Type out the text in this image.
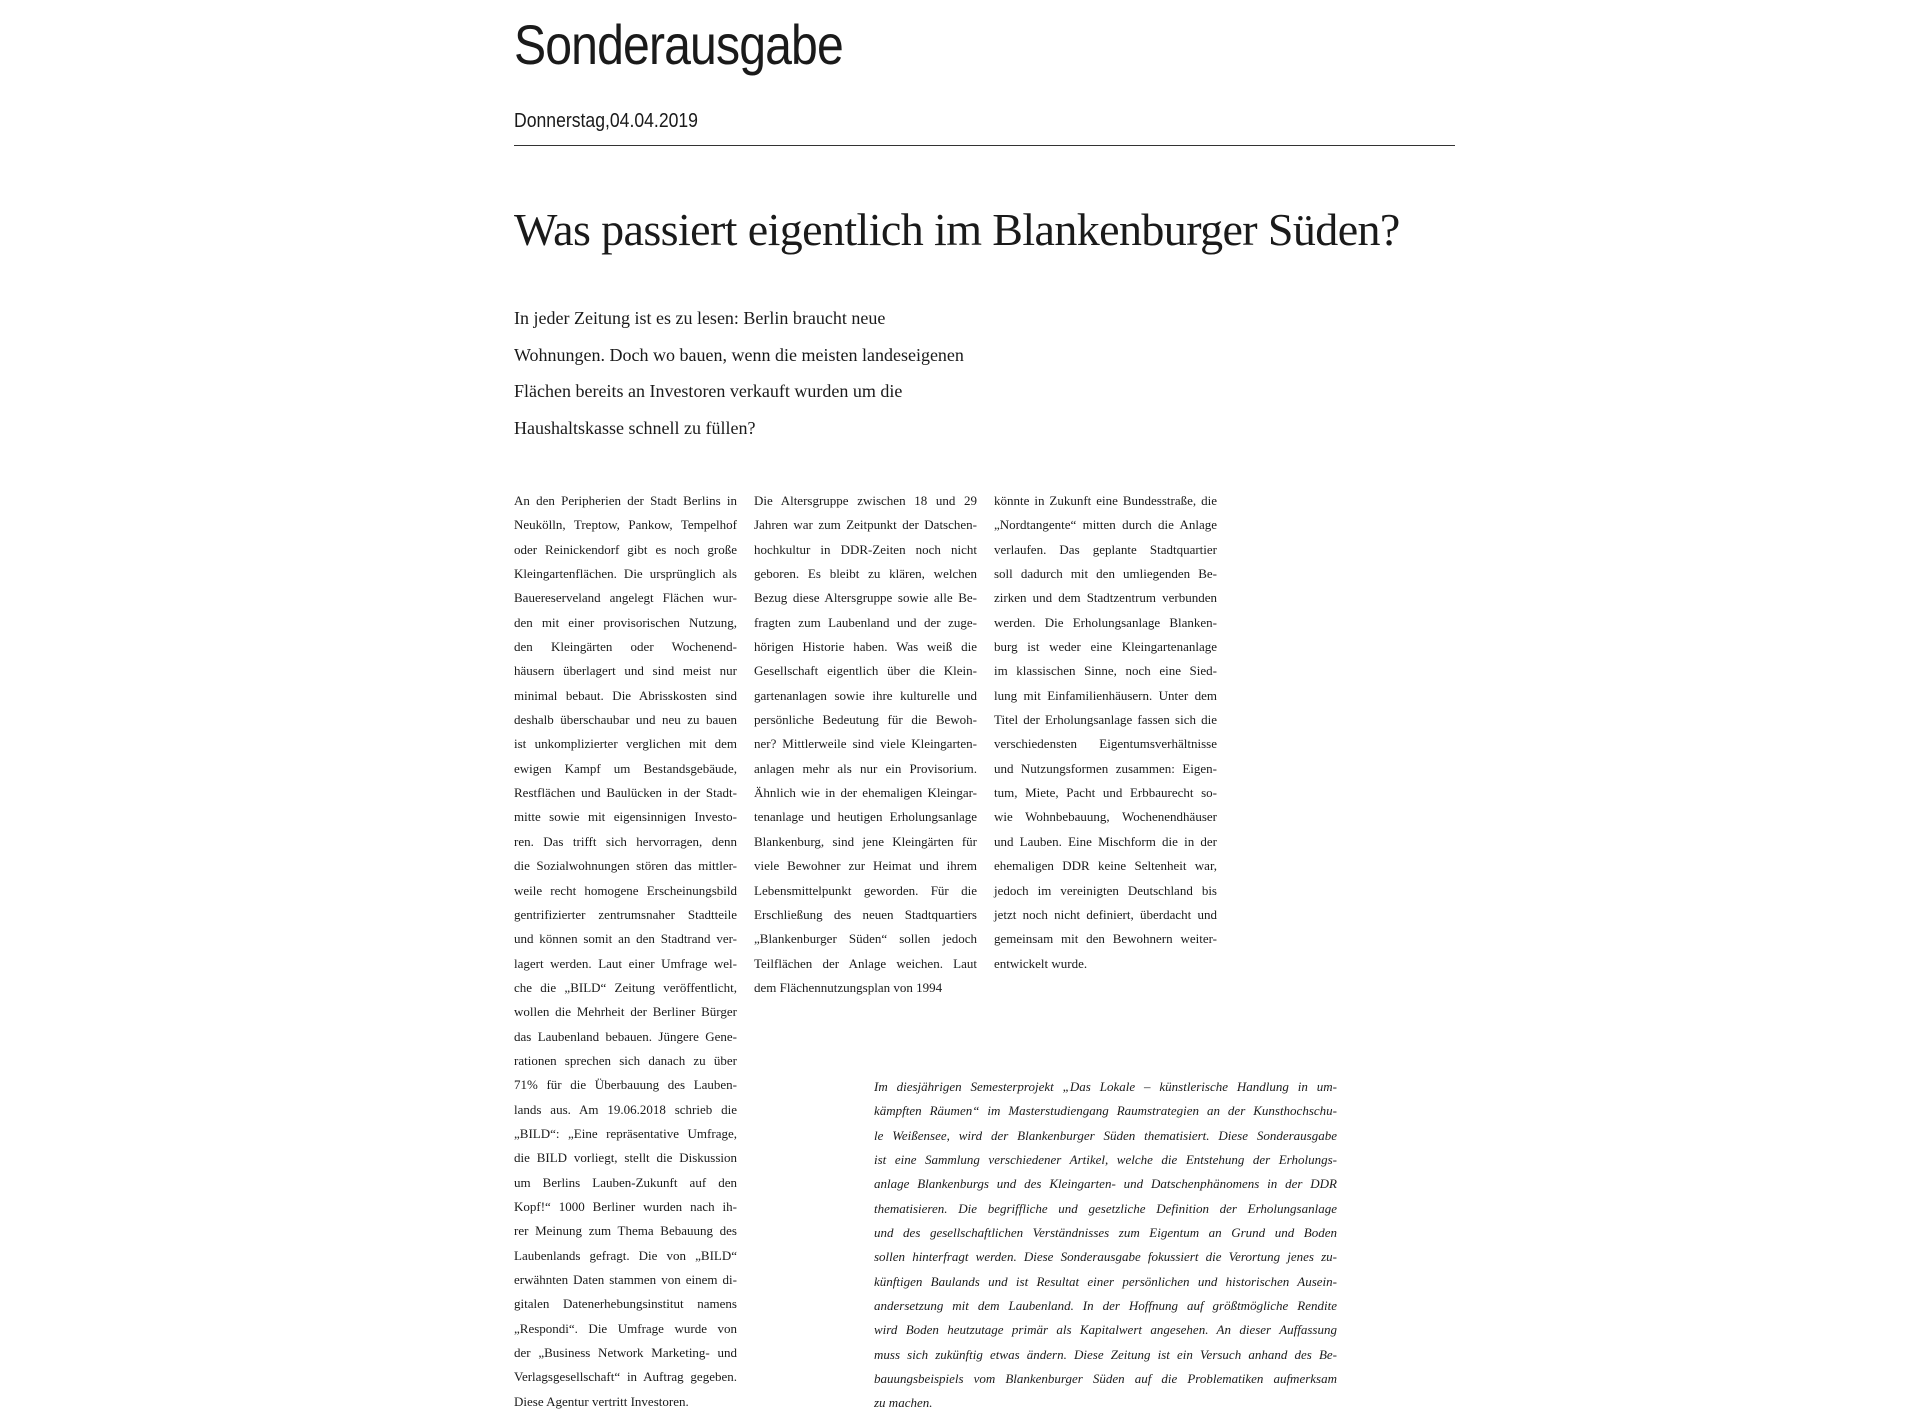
Sonderausgabe
Donnerstag,04.04.2019
Was passiert eigentlich im Blankenburger Süden?
In jeder Zeitung ist es zu lesen: Berlin braucht neue
Wohnungen. Doch wo bauen, wenn die meisten landeseigenen
Flächen bereits an Investoren verkauft wurden um die
Haushaltskasse schnell zu füllen?
An den Peripherien der Stadt Berlins in
Neukölln, Treptow, Pankow, Tempelhof
oder Reinickendorf gibt es noch große
Kleingartenflächen. Die ursprünglich als
Bauereserveland angelegt Flächen wur-
den mit einer provisorischen Nutzung,
den Kleingärten oder Wochenend-
häusern überlagert und sind meist nur
minimal bebaut. Die Abrisskosten sind
deshalb überschaubar und neu zu bauen
ist unkomplizierter verglichen mit dem
ewigen Kampf um Bestandsgebäude,
Restflächen und Baulücken in der Stadt-
mitte sowie mit eigensinnigen Investo-
ren. Das trifft sich hervorragen, denn
die Sozialwohnungen stören das mittler-
weile recht homogene Erscheinungsbild
gentrifizierter zentrumsnaher Stadtteile
und können somit an den Stadtrand ver-
lagert werden. Laut einer Umfrage wel-
che die „BILD“ Zeitung veröffentlicht,
wollen die Mehrheit der Berliner Bürger
das Laubenland bebauen. Jüngere Gene-
rationen sprechen sich danach zu über
71% für die Überbauung des Lauben-
lands aus. Am 19.06.2018 schrieb die
„BILD“: „Eine repräsentative Umfrage,
die BILD vorliegt, stellt die Diskussion
um Berlins Lauben-Zukunft auf den
Kopf!“ 1000 Berliner wurden nach ih-
rer Meinung zum Thema Bebauung des
Laubenlands gefragt. Die von „BILD“
erwähnten Daten stammen von einem di-
gitalen Datenerhebungsinstitut namens
„Respondi“. Die Umfrage wurde von
der „Business Network Marketing- und
Verlagsgesellschaft“ in Auftrag gegeben.
Diese Agentur vertritt Investoren.
Die Altersgruppe zwischen 18 und 29
Jahren war zum Zeitpunkt der Datschen-
hochkultur in DDR-Zeiten noch nicht
geboren. Es bleibt zu klären, welchen
Bezug diese Altersgruppe sowie alle Be-
fragten zum Laubenland und der zuge-
hörigen Historie haben. Was weiß die
Gesellschaft eigentlich über die Klein-
gartenanlagen sowie ihre kulturelle und
persönliche Bedeutung für die Bewoh-
ner? Mittlerweile sind viele Kleingarten-
anlagen mehr als nur ein Provisorium.
Ähnlich wie in der ehemaligen Kleingar-
tenanlage und heutigen Erholungsanlage
Blankenburg, sind jene Kleingärten für
viele Bewohner zur Heimat und ihrem
Lebensmittelpunkt geworden. Für die
Erschließung des neuen Stadtquartiers
„Blankenburger Süden“ sollen jedoch
Teilflächen der Anlage weichen. Laut
dem Flächennutzungsplan von 1994
könnte in Zukunft eine Bundesstraße, die
„Nordtangente“ mitten durch die Anlage
verlaufen. Das geplante Stadtquartier
soll dadurch mit den umliegenden Be-
zirken und dem Stadtzentrum verbunden
werden. Die Erholungsanlage Blanken-
burg ist weder eine Kleingartenanlage
im klassischen Sinne, noch eine Sied-
lung mit Einfamilienhäusern. Unter dem
Titel der Erholungsanlage fassen sich die
verschiedensten Eigentumsverhältnisse
und Nutzungsformen zusammen: Eigen-
tum, Miete, Pacht und Erbbaurecht so-
wie Wohnbebauung, Wochenendhäuser
und Lauben. Eine Mischform die in der
ehemaligen DDR keine Seltenheit war,
jedoch im vereinigten Deutschland bis
jetzt noch nicht definiert, überdacht und
gemeinsam mit den Bewohnern weiter-
entwickelt wurde.
Im diesjährigen Semesterprojekt „Das Lokale – künstlerische Handlung in um-
kämpften Räumen“ im Masterstudiengang Raumstrategien an der Kunsthochschu-
le Weißensee, wird der Blankenburger Süden thematisiert. Diese Sonderausgabe
ist eine Sammlung verschiedener Artikel, welche die Entstehung der Erholungs-
anlage Blankenburgs und des Kleingarten- und Datschenphänomens in der DDR
thematisieren. Die begriffliche und gesetzliche Definition der Erholungsanlage
und des gesellschaftlichen Verständnisses zum Eigentum an Grund und Boden
sollen hinterfragt werden. Diese Sonderausgabe fokussiert die Verortung jenes zu-
künftigen Baulands und ist Resultat einer persönlichen und historischen Ausein-
andersetzung mit dem Laubenland. In der Hoffnung auf größtmögliche Rendite
wird Boden heutzutage primär als Kapitalwert angesehen. An dieser Auffassung
muss sich zukünftig etwas ändern. Diese Zeitung ist ein Versuch anhand des Be-
bauungsbeispiels vom Blankenburger Süden auf die Problematiken aufmerksam
zu machen.
